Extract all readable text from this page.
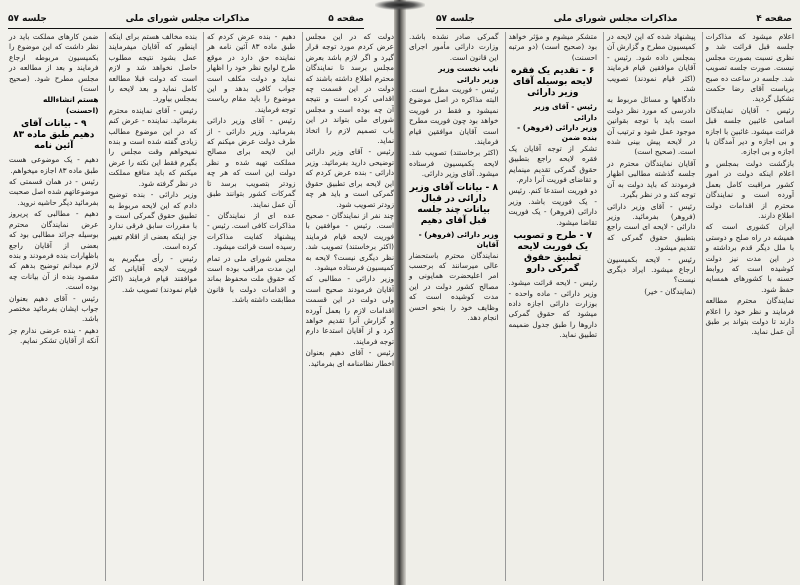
صفحه ۵
مذاکرات مجلس شورای ملی
جلسه ۵۷

دولت که در این مجلس عرض کردم مورد توجه قرار گیرد و اگر لازم باشد بعرض مجلس برسد تا نمایندگان محترم اطلاع داشته باشند که دولت در این قسمت چه اقدامی کرده است و نتیجه آن چه بوده است و مجلس شورای ملی بتواند در این باب تصمیم لازم را اتخاذ نماید.

رئیس - آقای وزیر دارائی توضیحی دارید بفرمائید. وزیر دارائی - بنده عرض کردم که این لایحه برای تطبیق حقوق گمرکی است و باید هر چه زودتر تصویب شود.

چند نفر از نمایندگان - صحیح است. رئیس - موافقین با فوریت لایحه قیام فرمایند (اکثر برخاستند) تصویب شد. نظر دیگری نیست؟ لایحه به کمیسیون فرستاده میشود.

وزیر دارائی - مطالبی که آقایان فرمودند صحیح است ولی دولت در این قسمت اقدامات لازم را بعمل آورده و گزارش آنرا تقدیم خواهد کرد و از آقایان استدعا دارم توجه فرمایند.

رئیس - آقای دهیم بعنوان اخطار نظامنامه ای بفرمائید.

دهیم - بنده عرض کردم که طبق ماده ۸۳ آئین نامه هر نماینده حق دارد در موقع طرح لوایح نظر خود را اظهار نماید و دولت مکلف است جواب کافی بدهد و این موضوع را باید مقام ریاست توجه فرمایند.

رئیس - آقای وزیر دارائی بفرمائید. وزیر دارائی - از طرف دولت عرض میکنم که این لایحه برای مصالح مملکت تهیه شده و نظر دولت این است که هر چه زودتر بتصویب برسد تا گمرکات کشور بتوانند طبق آن عمل نمایند.

عده ای از نمایندگان - مذاکرات کافی است. رئیس - پیشنهاد کفایت مذاکرات رسیده است قرائت میشود.

مجلس شورای ملی در تمام این مدت مراقب بوده است که حقوق ملت محفوظ بماند و اقدامات دولت با قانون مطابقت داشته باشد.

بنده مخالف هستم برای اینکه اینطور که آقایان میفرمایند عمل بشود نتیجه مطلوب حاصل نخواهد شد و لازم است که دولت قبلا مطالعه کامل نماید و بعد لایحه را بمجلس بیاورد.

رئیس - آقای نماینده محترم بفرمائید. نماینده - عرض کنم که در این موضوع مطالب زیادی گفته شده است و بنده نمیخواهم وقت مجلس را بگیرم فقط این نکته را عرض میکنم که باید منافع مملکت در نظر گرفته شود.

وزیر دارائی - بنده توضیح دادم که این لایحه مربوط به تطبیق حقوق گمرکی است و با مقررات سابق فرقی ندارد جز اینکه بعضی از اقلام تغییر کرده است.

رئیس - رأی میگیریم به فوریت لایحه آقایانی که موافقند قیام فرمایند (اکثر قیام نمودند) تصویب شد.

ضمن کارهای مملکت باید در نظر داشت که این موضوع را بکمیسیون مربوطه ارجاع فرمایند و بعد از مطالعه در مجلس مطرح شود. (صحیح است)

هستم انشاءالله (احسنت)

۹ - بیانات آقای دهیم طبق ماده ۸۳ آئین نامه

دهیم - یک موضوعی هست طبق ماده ۸۳ اجازه میخواهم.

رئیس - در همان قسمتی که موضوعاتهم شده اصل صحبت بفرمائید دیگر حاشیه نروید.

دهیم - مطالبی که پریروز عرض نمایندگان محترم بوسیله جرائد مطالبی بود که بعضی از آقایان راجع باظهارات بنده فرمودند و بنده لازم میدانم توضیح بدهم که مقصود بنده از آن بیانات چه بوده است.

رئیس - آقای دهیم بعنوان جواب ایشان بفرمائید مختصر باشد.

دهیم - بنده عرضی ندارم جز آنکه از آقایان تشکر نمایم.

صفحه ۴
مذاکرات مجلس شورای ملی
جلسه ۵۷

اعلام میشود که مذاکرات جلسه قبل قرائت شد و نظری نسبت بصورت مجلس نیست. صورت جلسه تصویب شد. جلسه در ساعت ده صبح بریاست آقای رضا حکمت تشکیل گردید.

رئیس - آقایان نمایندگان اسامی غائبین جلسه قبل قرائت میشود. غائبین با اجازه و بی اجازه و دیر آمدگان با اجازه و بی اجازه.

بازگشت دولت بمجلس و اعلام اینکه دولت در امور کشور مراقبت کامل بعمل آورده است و نمایندگان محترم از اقدامات دولت اطلاع دارند.

ایران کشوری است که همیشه در راه صلح و دوستی با ملل دیگر قدم برداشته و در این مدت نیز دولت کوشیده است که روابط حسنه با کشورهای همسایه حفظ شود.

نمایندگان محترم مطالعه فرمایند و نظر خود را اعلام دارند تا دولت بتواند بر طبق آن عمل نماید.

پیشنهاد شده که این لایحه در کمیسیون مطرح و گزارش آن بمجلس داده شود. رئیس - آقایان موافقین قیام فرمایند (اکثر قیام نمودند) تصویب شد.

دادگاهها و مسائل مربوط به دادرسی که مورد نظر دولت است باید با توجه بقوانین موجود عمل شود و ترتیب آن در لایحه پیش بینی شده است. (صحیح است)

آقایان نمایندگان محترم در جلسه گذشته مطالبی اظهار فرمودند که باید دولت به آن توجه کند و در نظر بگیرد.

رئیس - آقای وزیر دارائی (فروهر) بفرمائید. وزیر دارائی - لایحه ای است راجع بتطبیق حقوق گمرکی که تقدیم میشود.

رئیس - لایحه بکمیسیون ارجاع میشود. ایراد دیگری نیست؟

(نمایندگان - خیر)

متشکر میشوم و مؤثر خواهد بود (صحیح است) (دو مرتبه احسنت)

۶ - تقدیم یک فقره لایحه بوسیله آقای وزیر دارائی

رئیس - آقای وزیر دارائی

وزیر دارائی (فروهر) - بنده ضمن

تشکر از توجه آقایان یک فقره لایحه راجع بتطبیق حقوق گمرکی تقدیم مینمایم و تقاضای فوریت آنرا دارم.

دو فوریت استدعا کنم. رئیس - یک فوریت باشد. وزیر دارائی (فروهر) - یک فوریت تقاضا میشود.

۷ - طرح و تصویب یک فوریت لایحه تطبیق حقوق گمرکی دارو

رئیس - لایحه قرائت میشود. وزیر دارائی - ماده واحده - بوزارت دارائی اجازه داده میشود که حقوق گمرکی داروها را طبق جدول ضمیمه تطبیق نماید.

گمرکی صادر نشده باشد. وزارت دارائی مأمور اجرای این قانون است.

نایب نخست وزیر

وزیر دارائی

رئیس - فوریت مطرح است. البته مذاکره در اصل موضوع نمیشود و فقط در فوریت خواهد بود چون فوریت مطرح است آقایان موافقین قیام فرمایند.

(اکثر برخاستند) تصویب شد. لایحه بکمیسیون فرستاده میشود. آقای وزیر دارائی.

۸ - بیانات آقای وزیر دارائی در قبال بیانات چند جلسه قبل آقای دهیم

وزیر دارائی (فروهر) - آقایان

نمایندگان محترم باستحضار عالی میرسانند که برحسب امر اعلیحضرت همایونی و مصالح کشور دولت در این مدت کوشیده است که وظایف خود را بنحو احسن انجام دهد.
